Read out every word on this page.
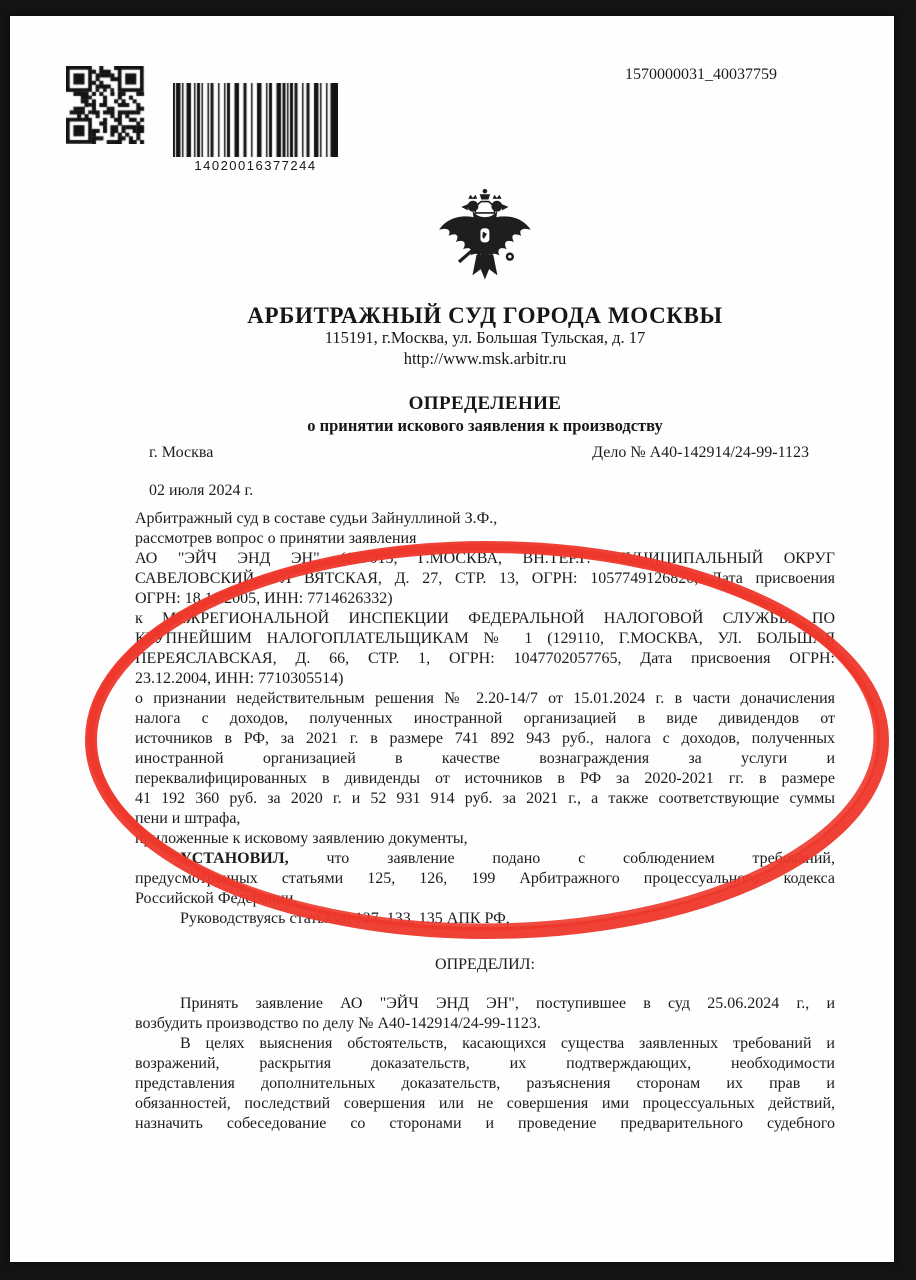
14020016377244
1570000031_40037759
АРБИТРАЖНЫЙ СУД ГОРОДА МОСКВЫ
115191, г.Москва, ул. Большая Тульская, д. 17
http://www.msk.arbitr.ru
ОПРЕДЕЛЕНИЕ
о принятии искового заявления к производству
г. Москва	Дело № А40-142914/24-99-1123
02 июля 2024 г.
Арбитражный суд в составе судьи Зайнуллиной З.Ф.,
рассмотрев вопрос о принятии заявления
АО "ЭЙЧ ЭНД ЭН" (127015, Г.МОСКВА, ВН.ТЕР.Г. МУНИЦИПАЛЬНЫЙ ОКРУГ
САВЕЛОВСКИЙ, УЛ ВЯТСКАЯ, Д. 27, СТР. 13, ОГРН: 1057749126820, Дата присвоения
ОГРН: 18.11.2005, ИНН: 7714626332)
к МЕЖРЕГИОНАЛЬНОЙ ИНСПЕКЦИИ ФЕДЕРАЛЬНОЙ НАЛОГОВОЙ СЛУЖБЫ ПО
КРУПНЕЙШИМ НАЛОГОПЛАТЕЛЬЩИКАМ № 1 (129110, Г.МОСКВА, УЛ. БОЛЬШАЯ
ПЕРЕЯСЛАВСКАЯ, Д. 66, СТР. 1, ОГРН: 1047702057765, Дата присвоения ОГРН:
23.12.2004, ИНН: 7710305514)
о признании недействительным решения № 2.20-14/7 от 15.01.2024 г. в части доначисления
налога с доходов, полученных иностранной организацией в виде дивидендов от
источников в РФ, за 2021 г. в размере 741 892 943 руб., налога с доходов, полученных
иностранной организацией в качестве вознаграждения за услуги и
переквалифицированных в дивиденды от источников в РФ за 2020-2021 гг. в размере
41 192 360 руб. за 2020 г. и 52 931 914 руб. за 2021 г., а также соответствующие суммы
пени и штрафа,
приложенные к исковому заявлению документы,
УСТАНОВИЛ, что заявление подано с соблюдением требований,
предусмотренных статьями 125, 126, 199 Арбитражного процессуального кодекса
Российской Федерации.
Руководствуясь статьями 127, 133, 135 АПК РФ,
ОПРЕДЕЛИЛ:
Принять заявление АО "ЭЙЧ ЭНД ЭН", поступившее в суд 25.06.2024 г., и
возбудить производство по делу № А40-142914/24-99-1123.
В целях выяснения обстоятельств, касающихся существа заявленных требований и
возражений, раскрытия доказательств, их подтверждающих, необходимости
представления дополнительных доказательств, разъяснения сторонам их прав и
обязанностей, последствий совершения или не совершения ими процессуальных действий,
назначить собеседование со сторонами и проведение предварительного судебного
